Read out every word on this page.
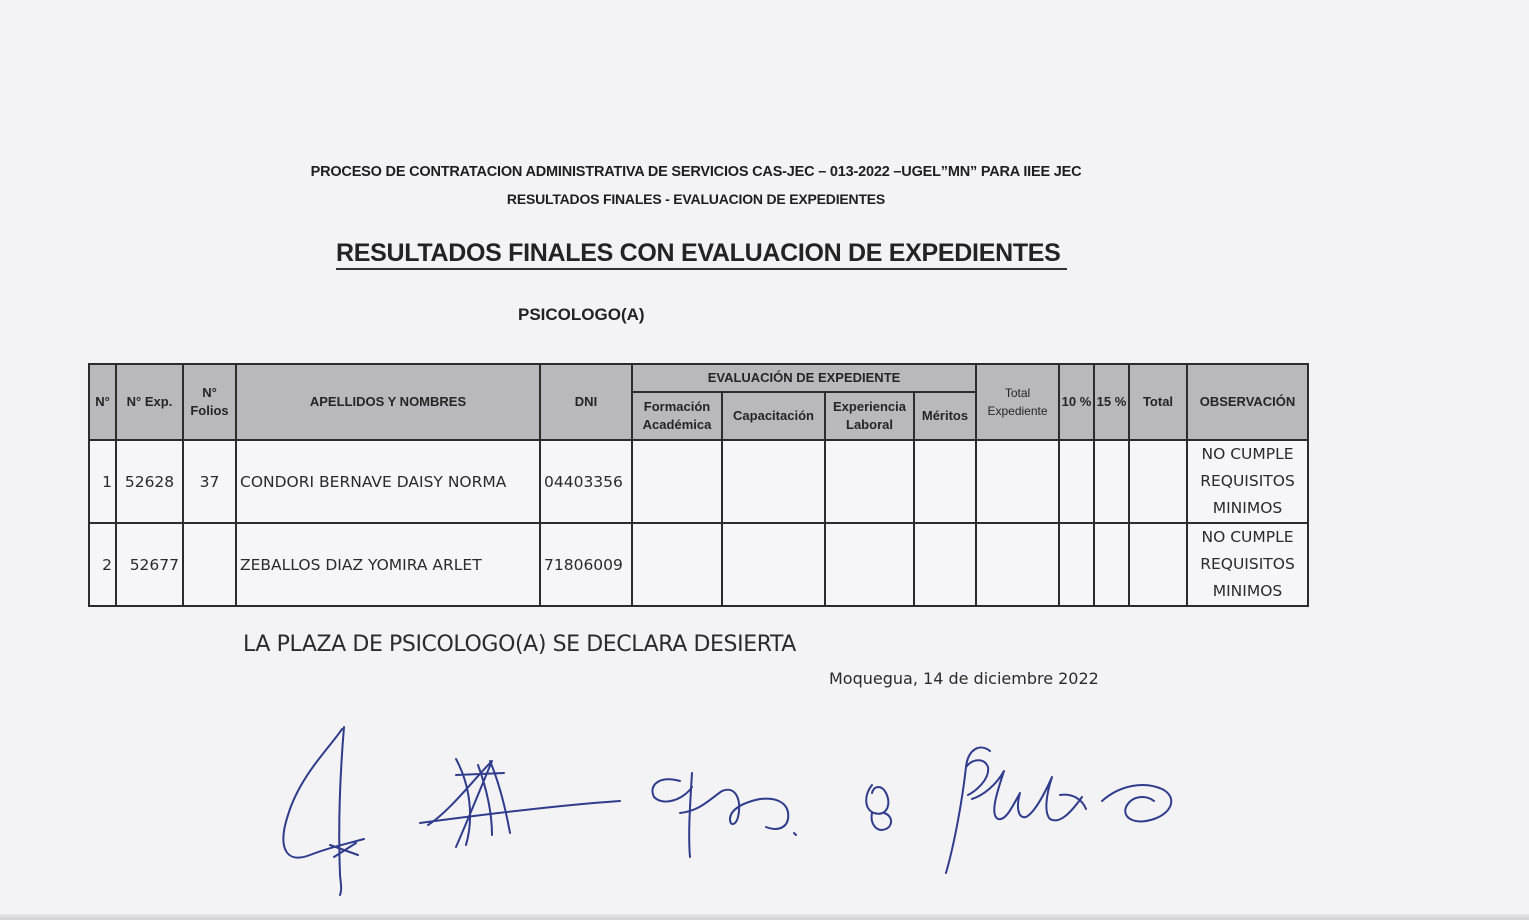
PROCESO DE CONTRATACION ADMINISTRATIVA DE SERVICIOS CAS-JEC – 013-2022 –UGEL”MN” PARA IIEE JEC
RESULTADOS FINALES - EVALUACION DE EXPEDIENTES
RESULTADOS FINALES CON EVALUACION DE EXPEDIENTES
PSICOLOGO(A)
N°	N° Exp.	N° Folios	APELLIDOS Y NOMBRES	DNI	EVALUACIÓN DE EXPEDIENTE				Total Expediente	10 %	15 %	Total	OBSERVACIÓN
					Formación Académica	Capacitación	Experiencia Laboral	Méritos					
1	52628	37	CONDORI BERNAVE DAISY NORMA	04403356									NO CUMPLE
REQUISITOS
MINIMOS

2	52677		ZEBALLOS DIAZ YOMIRA ARLET	71806009									NO CUMPLE
REQUISITOS
MINIMOS
LA PLAZA DE PSICOLOGO(A) SE DECLARA DESIERTA
Moquegua, 14 de diciembre 2022
